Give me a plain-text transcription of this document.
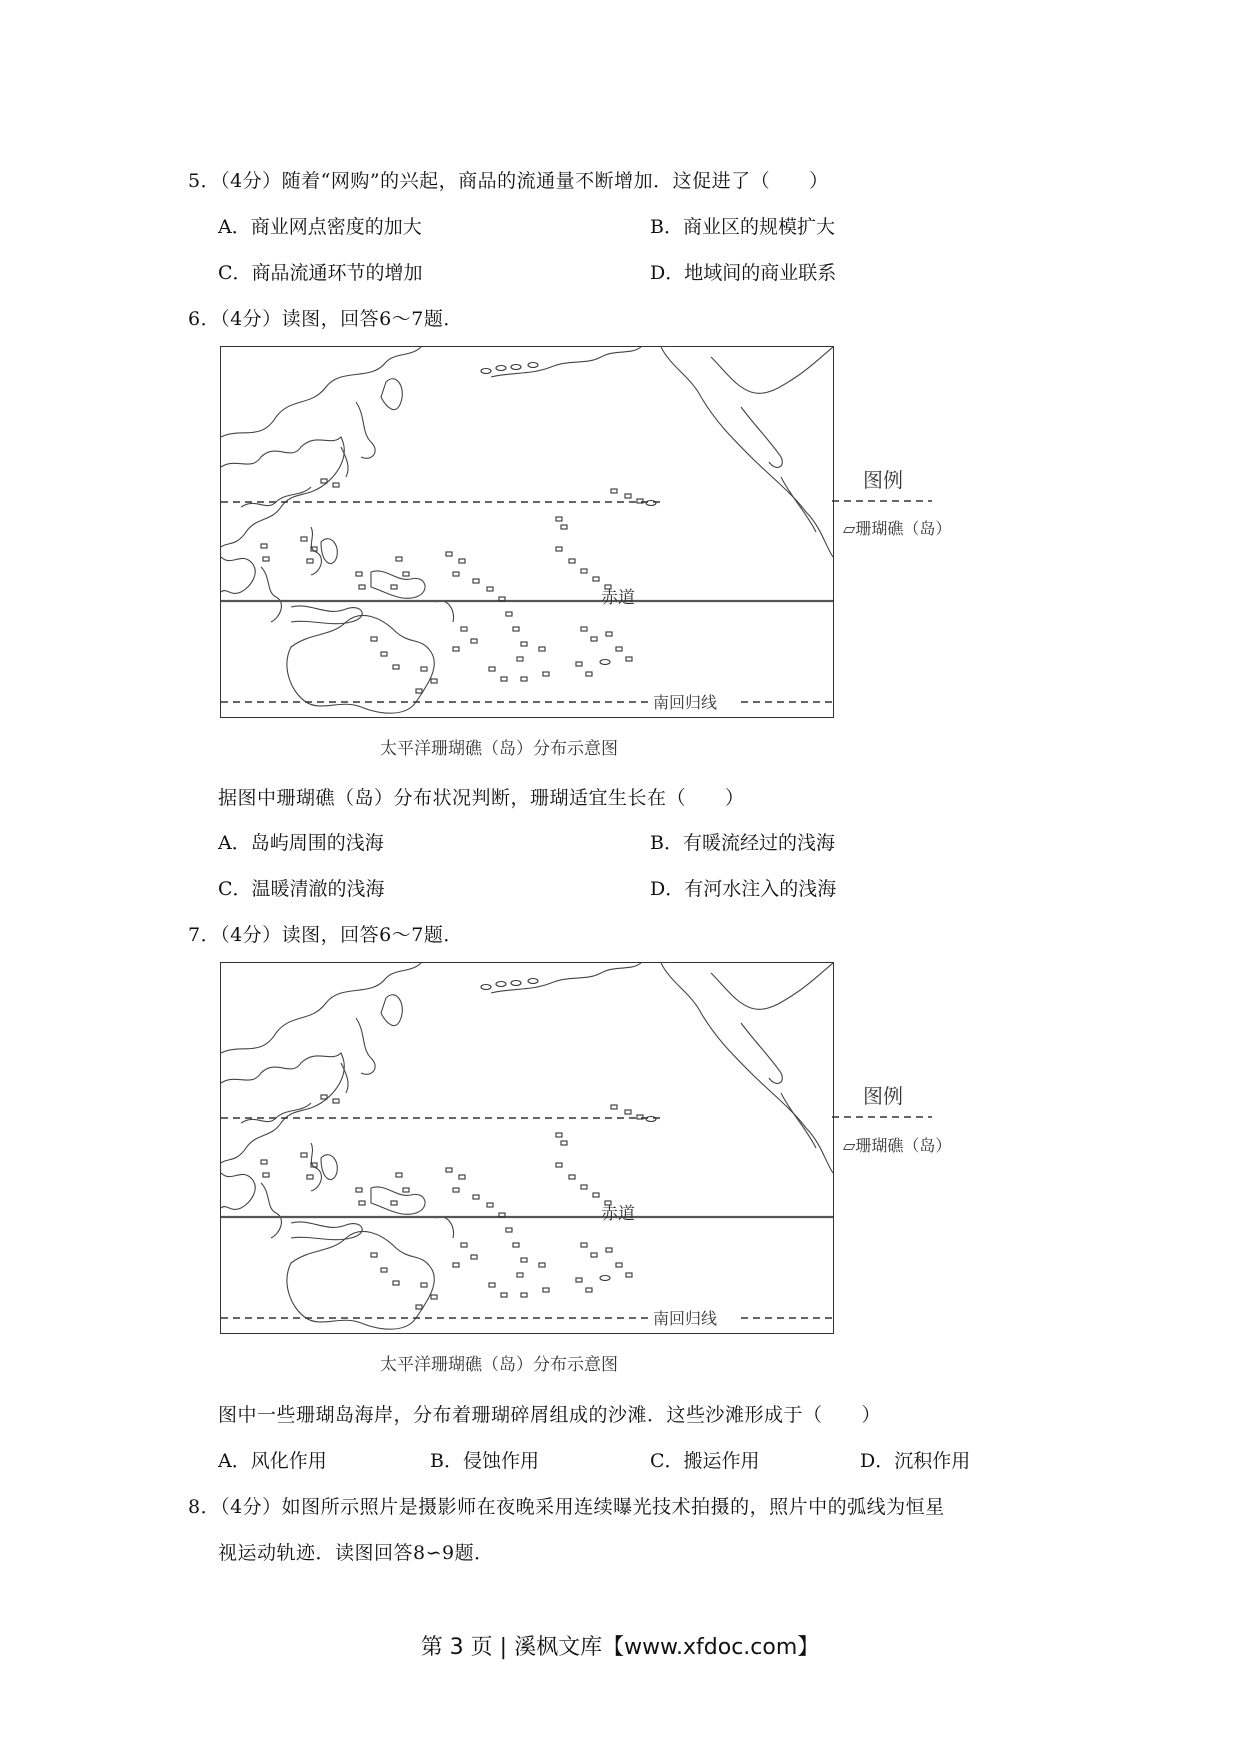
5．（4分）随着“网购”的兴起，商品的流通量不断增加．这促进了（　　）
A．商业网点密度的加大	B．商业区的规模扩大
C．商品流通环节的增加	D．地域间的商业联系
6．（4分）读图，回答6～7题．
赤道
南回归线
图例
▱珊瑚礁（岛）
太平洋珊瑚礁（岛）分布示意图
据图中珊瑚礁（岛）分布状况判断，珊瑚适宜生长在（　　）
A．岛屿周围的浅海	B．有暖流经过的浅海
C．温暖清澈的浅海	D．有河水注入的浅海
7．（4分）读图，回答6～7题．
赤道
南回归线
图例
▱珊瑚礁（岛）
太平洋珊瑚礁（岛）分布示意图
图中一些珊瑚岛海岸，分布着珊瑚碎屑组成的沙滩．这些沙滩形成于（　　）
A．风化作用	B．侵蚀作用	C．搬运作用	D．沉积作用
8．（4分）如图所示照片是摄影师在夜晚采用连续曝光技术拍摄的，照片中的弧线为恒星
视运动轨迹．读图回答8∽9题．
第 3 页 | 溪枫文库【www.xfdoc.com】
